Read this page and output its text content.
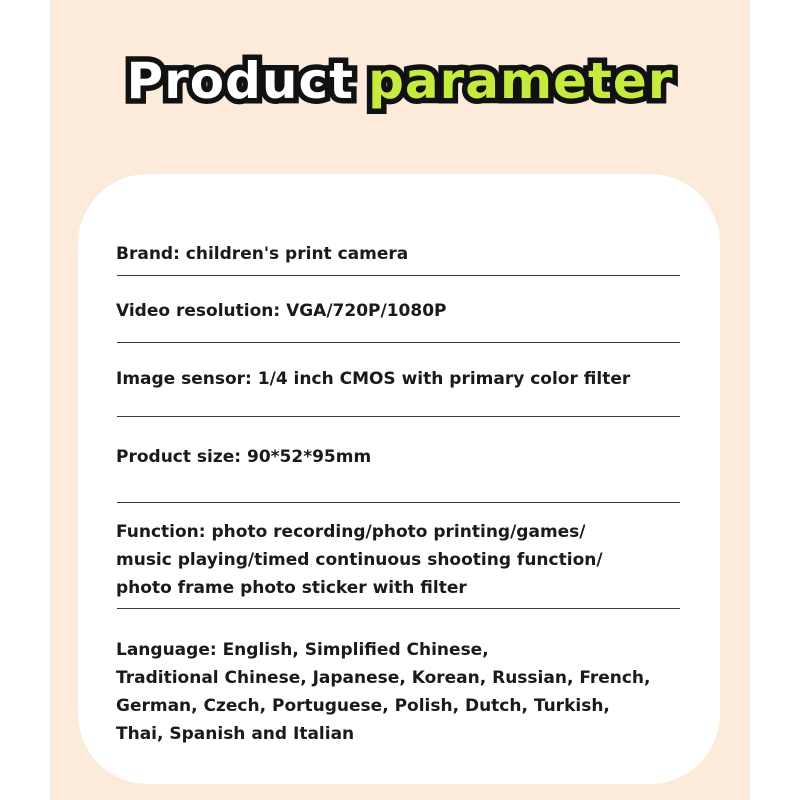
Product parameter
Brand: children's print camera
Video resolution: VGA/720P/1080P
Image sensor: 1/4 inch CMOS with primary color filter
Product size: 90*52*95mm
Function: photo recording/photo printing/games/
music playing/timed continuous shooting function/
photo frame photo sticker with filter
Language: English, Simplified Chinese,
Traditional Chinese, Japanese, Korean, Russian, French,
German, Czech, Portuguese, Polish, Dutch, Turkish,
Thai, Spanish and Italian
